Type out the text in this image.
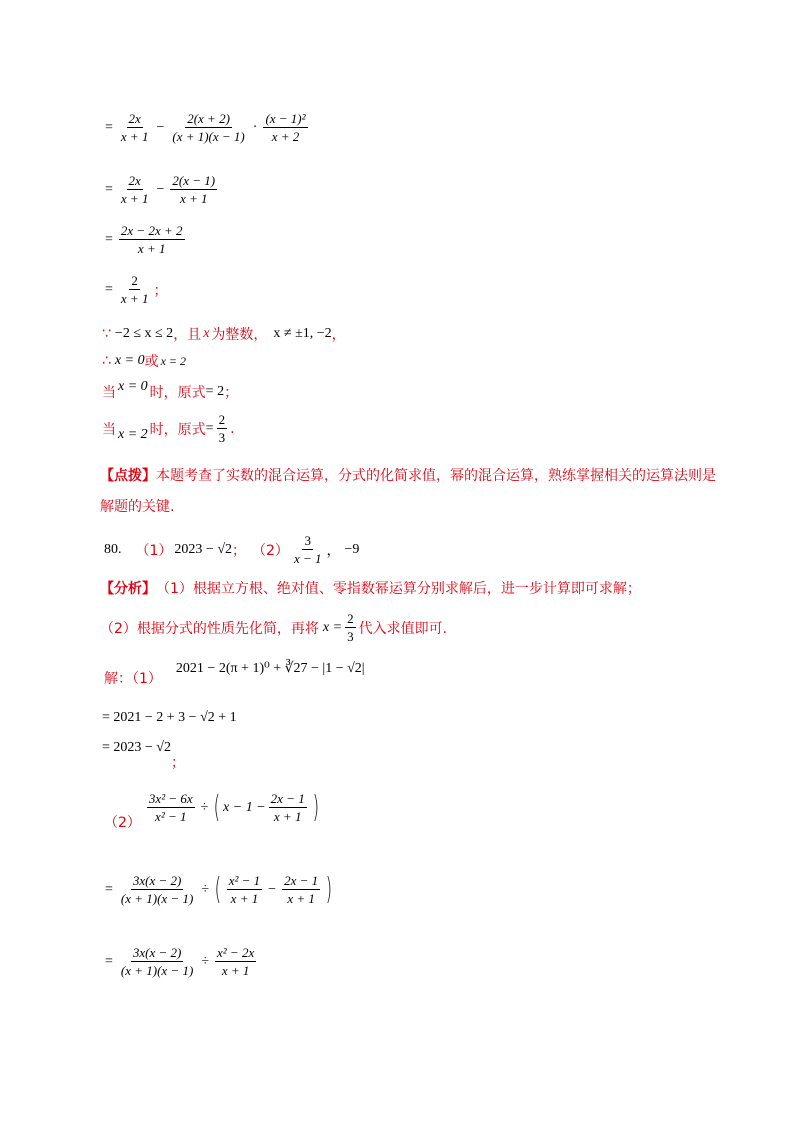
= $\frac{2x}{x + 1} - \frac{2(x + 2)}{(x + 1)(x - 1)} \cdot \frac{\text{(x − 1)²}}{x + 2}$
= $\frac{2x}{x + 1} - \frac{2(x - 1)}{x + 1}$
= $\frac{2x - 2x + 2}{x + 1}$
= $\frac{2}{x + 1}$ ；
∵ −2 ≤ x ≤ 2 ，且 x 为整数， x ≠ ±1, −2 ，
∴ x = 0 或 x = 2
当 x = 0 时，原式 = 2 ；
当 x = 2 时，原式 = $\frac{2}{3}$ .
【点拨】 本题考查了实数的混合运算，分式的化简求值，幂的混合运算，熟练掌握相关的运算法则是
解题的关键.
80. （1） 2023 − √2 ； $(2) \frac{3}{x - 1}$ ， −9
【分析】 （1）根据立方根、绝对值、零指数幂运算分别求解后，进一步计算即可求解；
（2）根据分式的性质先化简，再将 $x = \frac{2}{3}$ 代入求值即可.
解：（1）
2021 − 2(π + 1)⁰ + ∛27 − |1 − √2|
= 2021 − 2 + 3 − √2 + 1
= 2023 − √2
；
$(2) \frac{\text{3x² − 6x}}{\text{x² − 1}}$ ÷ ( $x - 1 - \frac{2x - 1}{x + 1}$ )
= $\frac{3x(x - 2)}{(x + 1)(x - 1)}$ ÷ ( $\frac{\text{x² − 1}}{x + 1} - \frac{2x - 1}{x + 1}$ )
= $\frac{3x(x - 2)}{(x + 1)(x - 1)} \div \frac{\text{x² − 2x}}{x + 1}$
